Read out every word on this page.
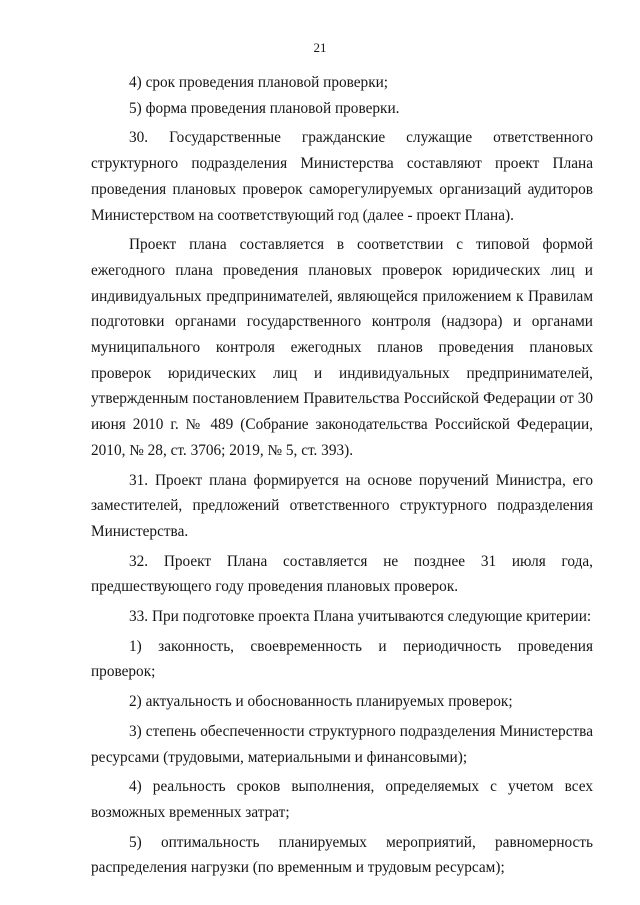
21

4) срок проведения плановой проверки;

5) форма проведения плановой проверки.

30. Государственные гражданские служащие ответственного структурного подразделения Министерства составляют проект Плана проведения плановых проверок саморегулируемых организаций аудиторов Министерством на соответствующий год (далее - проект Плана).

Проект плана составляется в соответствии с типовой формой ежегодного плана проведения плановых проверок юридических лиц и индивидуальных предпринимателей, являющейся приложением к Правилам подготовки органами государственного контроля (надзора) и органами муниципального контроля ежегодных планов проведения плановых проверок юридических лиц и индивидуальных предпринимателей, утвержденным постановлением Правительства Российской Федерации от 30 июня 2010 г. № 489 (Собрание законодательства Российской Федерации, 2010, № 28, ст. 3706; 2019, № 5, ст. 393).

31. Проект плана формируется на основе поручений Министра, его заместителей, предложений ответственного структурного подразделения Министерства.

32. Проект Плана составляется не позднее 31 июля года, предшествующего году проведения плановых проверок.

33. При подготовке проекта Плана учитываются следующие критерии:

1) законность, своевременность и периодичность проведения проверок;

2) актуальность и обоснованность планируемых проверок;

3) степень обеспеченности структурного подразделения Министерства ресурсами (трудовыми, материальными и финансовыми);

4) реальность сроков выполнения, определяемых с учетом всех возможных временных затрат;

5) оптимальность планируемых мероприятий, равномерность распределения нагрузки (по временным и трудовым ресурсам);
